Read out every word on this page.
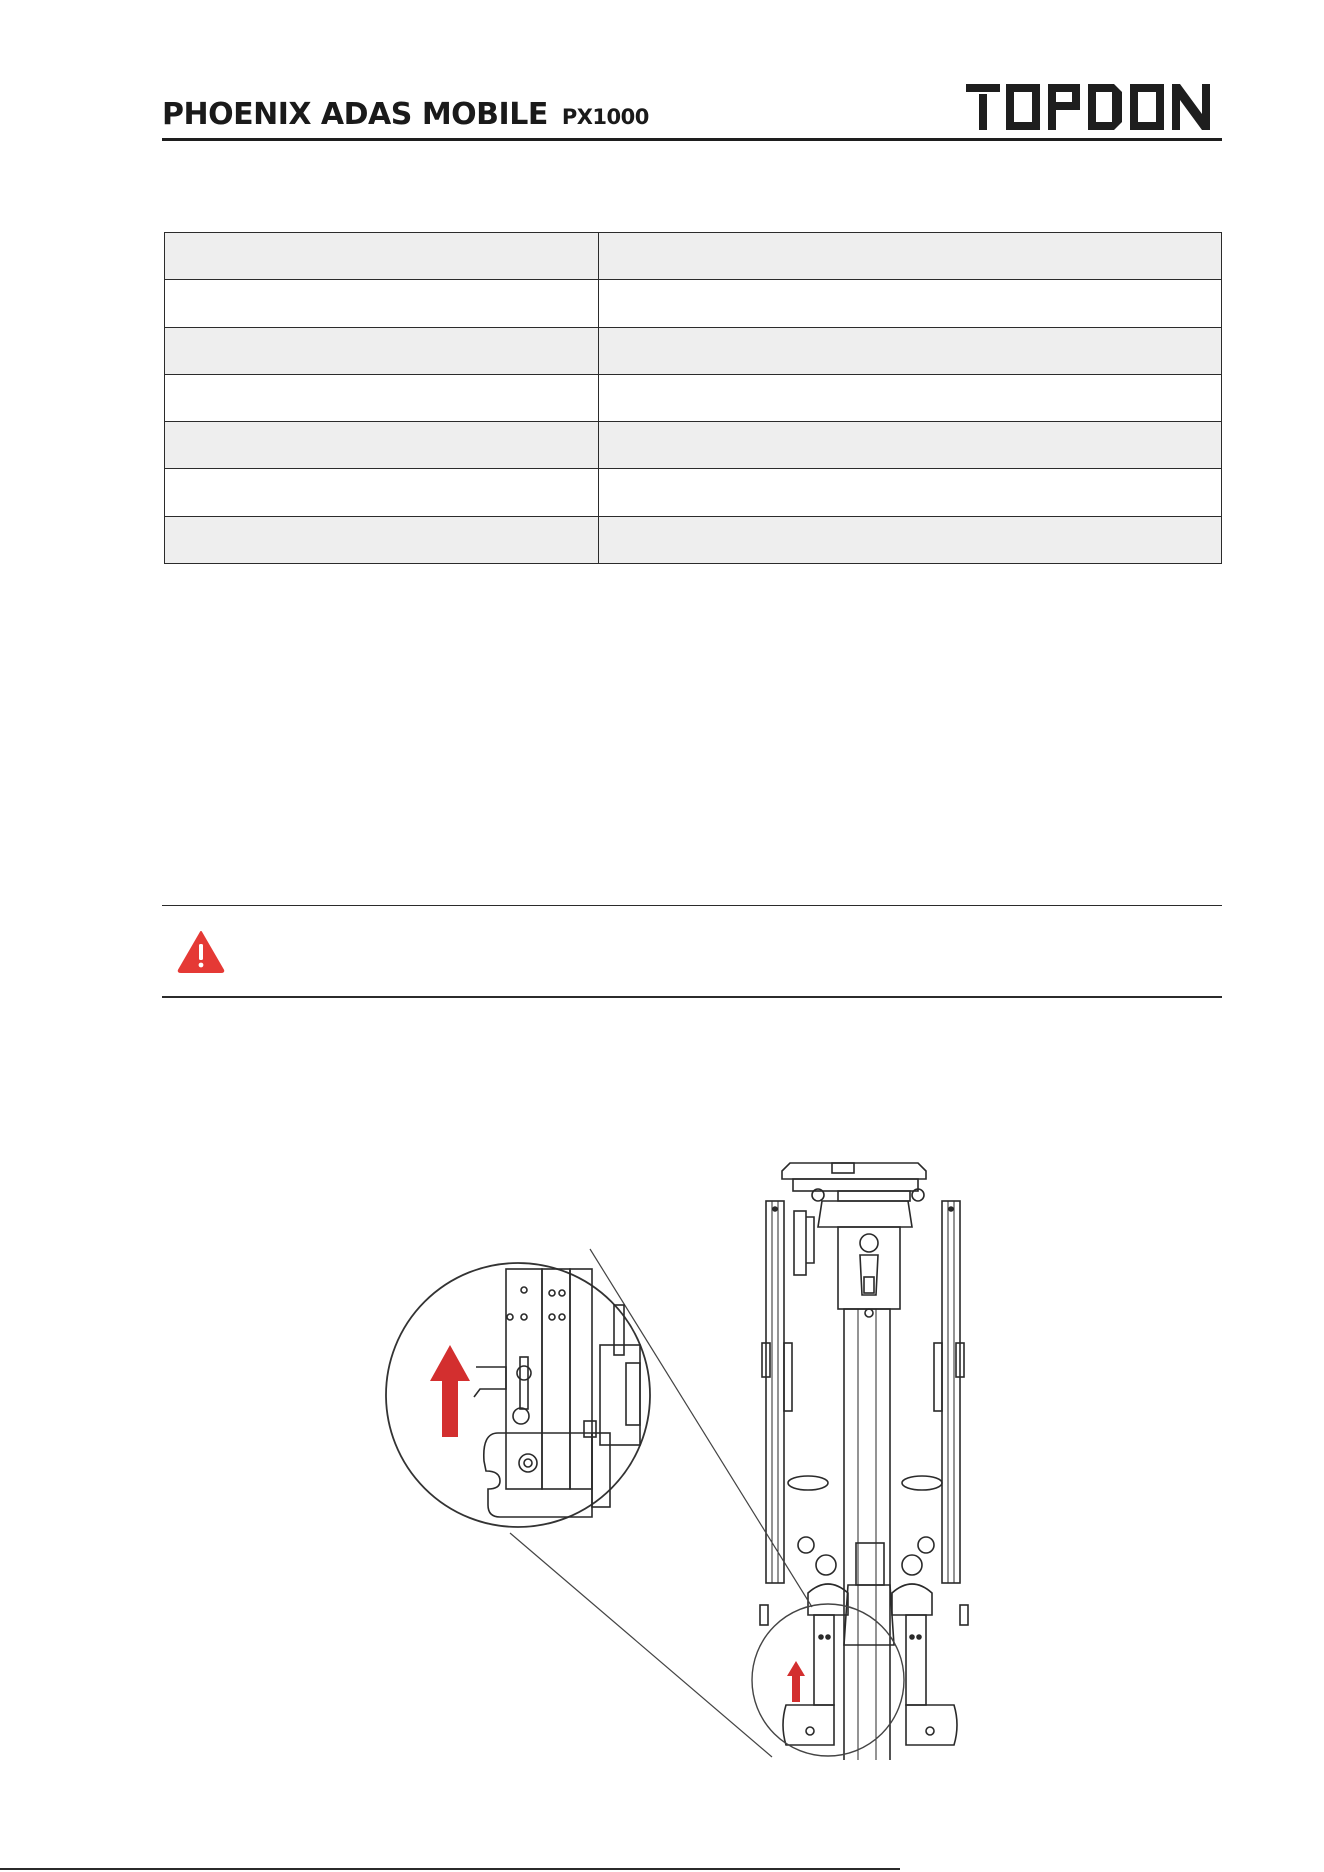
PHOENIX ADAS MOBILE PX1000
